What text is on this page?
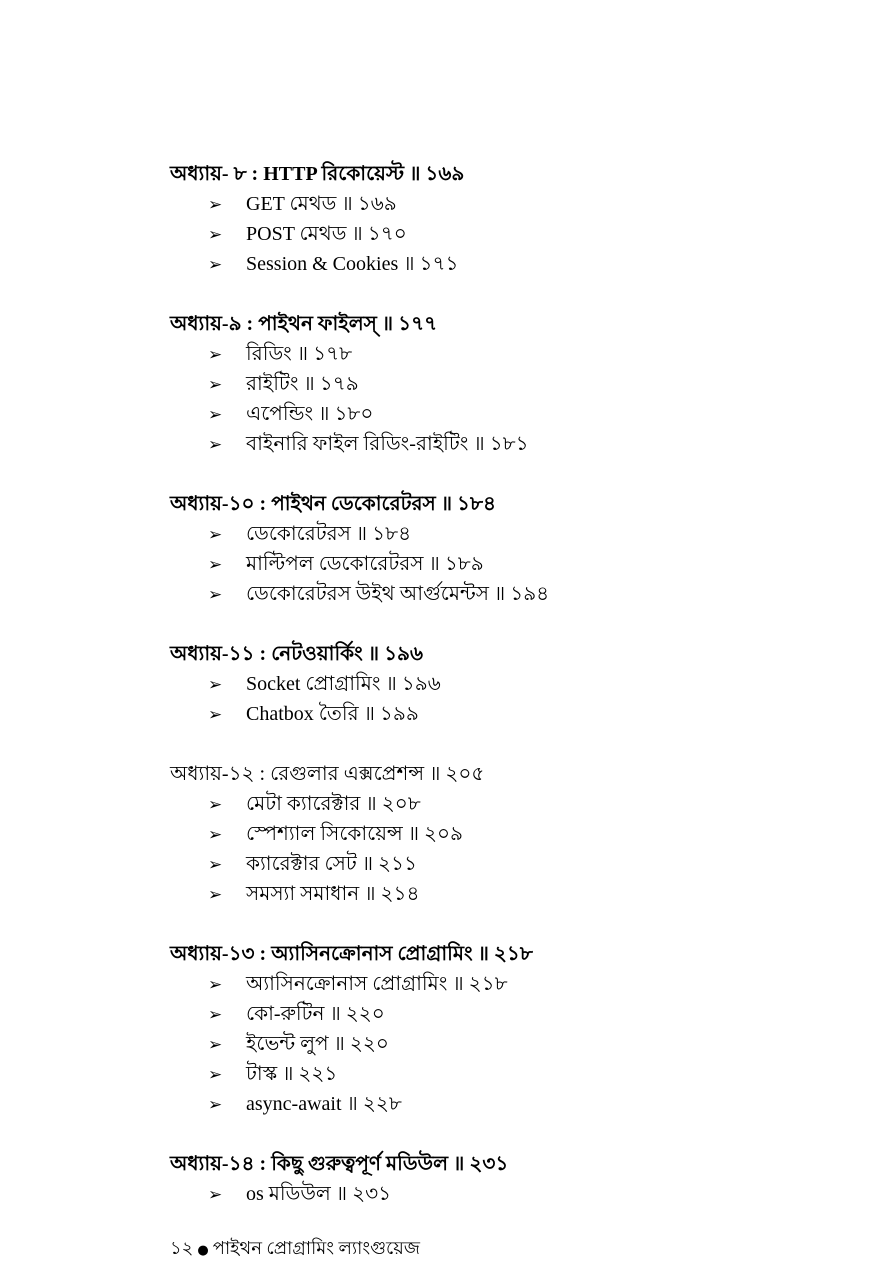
অধ্যায়- ৮ : HTTP রিকোয়েস্ট ॥ ১৬৯
➢ GET মেথড ॥ ১৬৯
➢ POST মেথড ॥ ১৭০
➢ Session & Cookies ॥ ১৭১
অধ্যায়-৯ : পাইথন ফাইলস্ ॥ ১৭৭
➢ রিডিং ॥ ১৭৮
➢ রাইটিং ॥ ১৭৯
➢ এপেন্ডিং ॥ ১৮০
➢ বাইনারি ফাইল রিডিং-রাইটিং ॥ ১৮১
অধ্যায়-১০ : পাইথন ডেকোরেটরস ॥ ১৮৪
➢ ডেকোরেটরস ॥ ১৮৪
➢ মাল্টিপল ডেকোরেটরস ॥ ১৮৯
➢ ডেকোরেটরস উইথ আর্গুমেন্টস ॥ ১৯৪
অধ্যায়-১১ : নেটওয়ার্কিং ॥ ১৯৬
➢ Socket প্রোগ্রামিং ॥ ১৯৬
➢ Chatbox তৈরি ॥ ১৯৯
অধ্যায়-১২ : রেগুলার এক্সপ্রেশন্স ॥ ২০৫
➢ মেটা ক্যারেক্টার ॥ ২০৮
➢ স্পেশ্যাল সিকোয়েন্স ॥ ২০৯
➢ ক্যারেক্টার সেট ॥ ২১১
➢ সমস্যা সমাধান ॥ ২১৪
অধ্যায়-১৩ : অ্যাসিনক্রোনাস প্রোগ্রামিং ॥ ২১৮
➢ অ্যাসিনক্রোনাস প্রোগ্রামিং ॥ ২১৮
➢ কো-রুটিন ॥ ২২০
➢ ইভেন্ট লুপ ॥ ২২০
➢ টাস্ক ॥ ২২১
➢ async-await ॥ ২২৮
অধ্যায়-১৪ : কিছু গুরুত্বপূর্ণ মডিউল ॥ ২৩১
➢ os মডিউল ॥ ২৩১
১২ ● পাইথন প্রোগ্রামিং ল্যাংগুয়েজ
